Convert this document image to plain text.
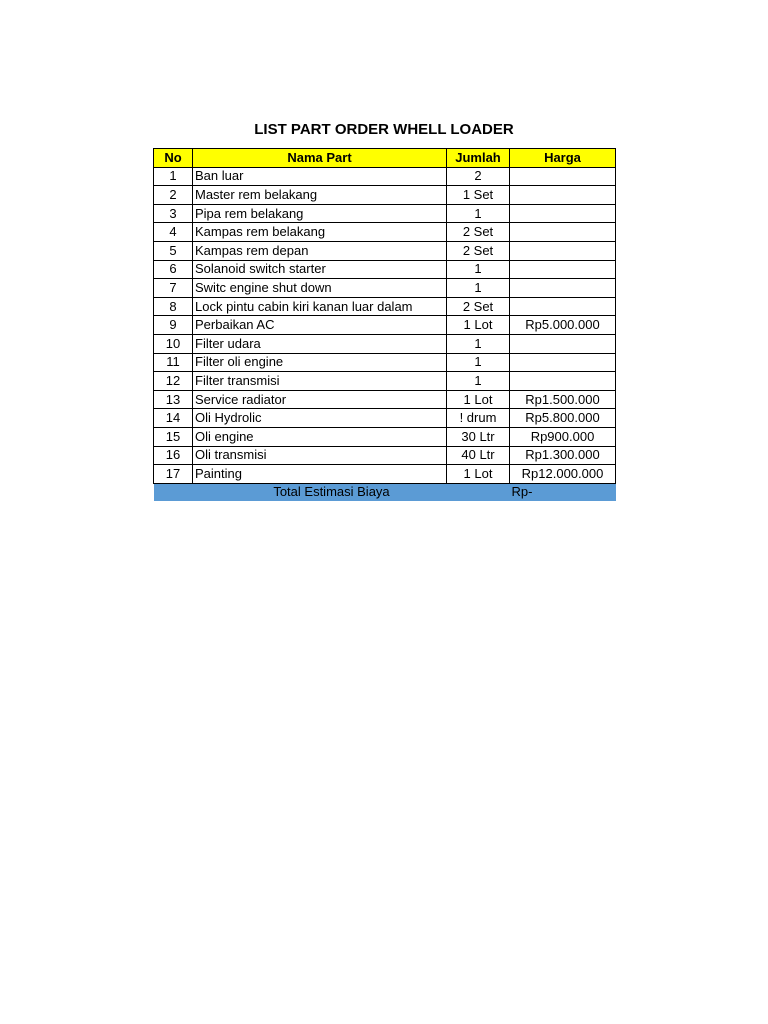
LIST PART ORDER WHELL LOADER
No	Nama Part	Jumlah	Harga
1	Ban luar	2	
2	Master rem belakang	1 Set	
3	Pipa rem belakang	1	
4	Kampas rem belakang	2 Set	
5	Kampas rem depan	2 Set	
6	Solanoid switch starter	1	
7	Switc engine shut down	1	
8	Lock pintu cabin kiri kanan luar dalam	2 Set	
9	Perbaikan AC	1 Lot	Rp5.000.000
10	Filter udara	1	
11	Filter oli engine	1	
12	Filter transmisi	1	
13	Service radiator	1 Lot	Rp1.500.000
14	Oli Hydrolic	! drum	Rp5.800.000
15	Oli engine	30 Ltr	Rp900.000
16	Oli transmisi	40 Ltr	Rp1.300.000
17	Painting	1 Lot	Rp12.000.000
Total Estimasi Biaya			Rp-
